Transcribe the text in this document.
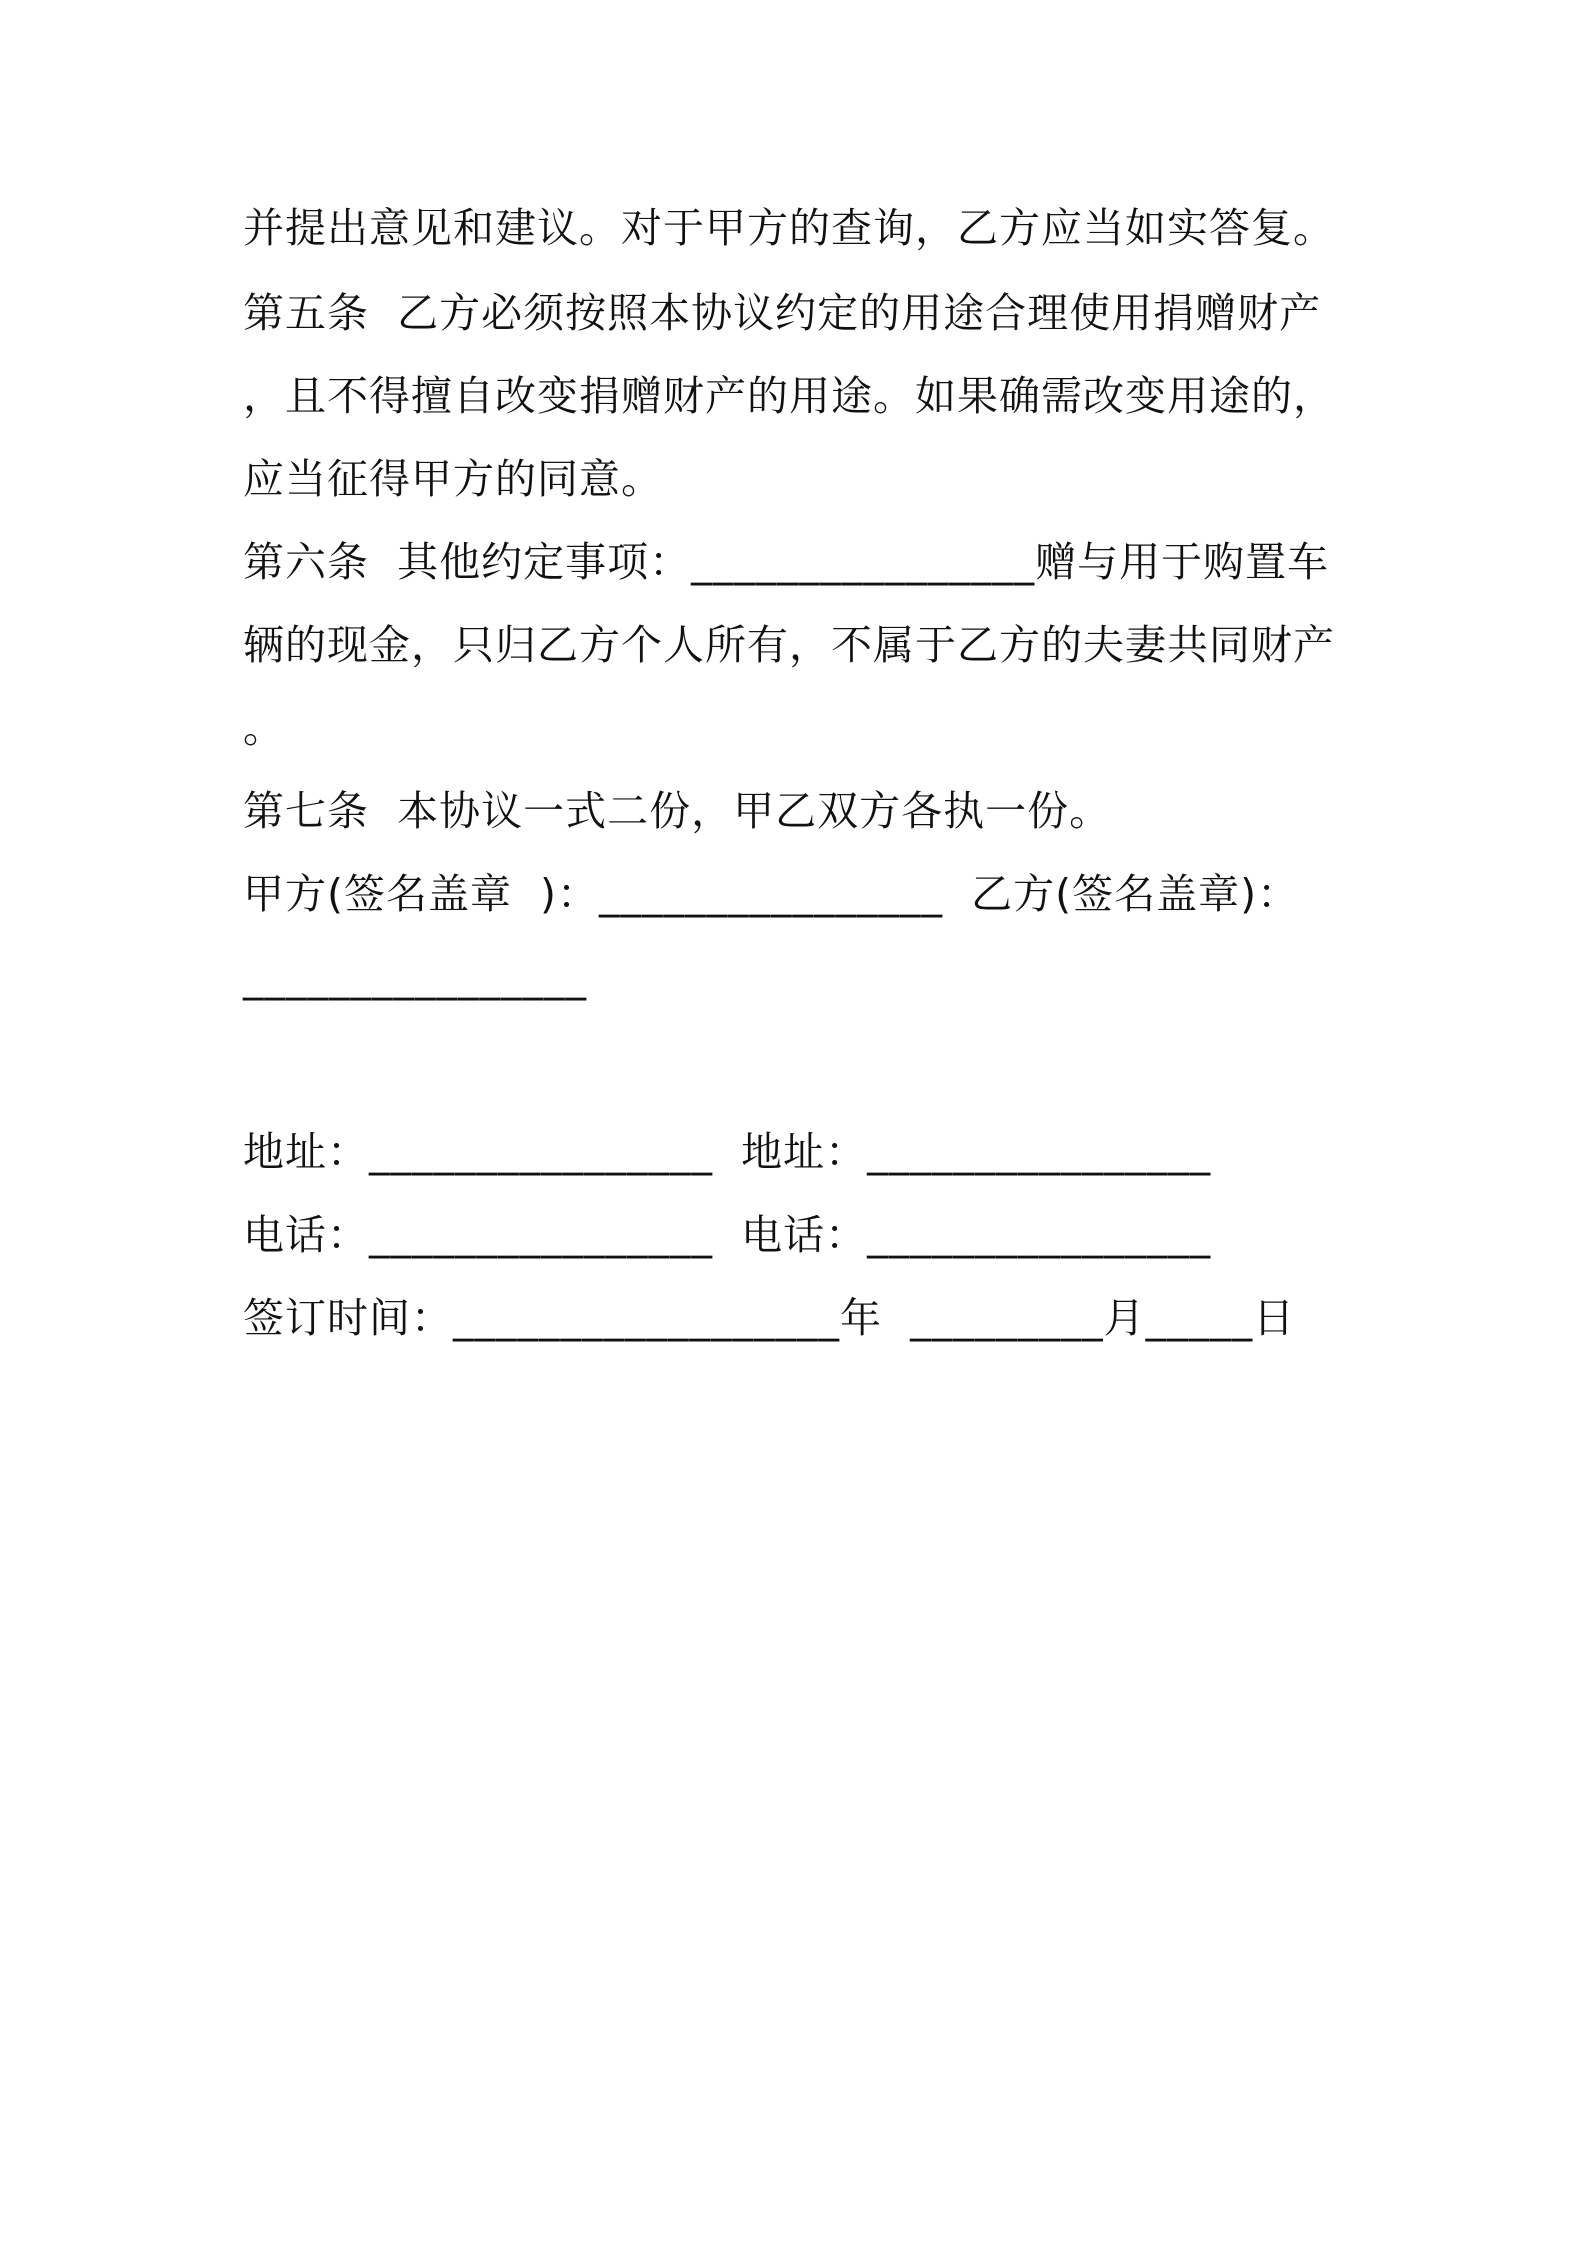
并提出意见和建议。对于甲方的查询，乙方应当如实答复。
第五条  乙方必须按照本协议约定的用途合理使用捐赠财产
，且不得擅自改变捐赠财产的用途。如果确需改变用途的，
应当征得甲方的同意。
第六条  其他约定事项：________________赠与用于购置车
辆的现金，只归乙方个人所有，不属于乙方的夫妻共同财产
。
第七条  本协议一式二份，甲乙双方各执一份。
甲方(签名盖章  )：________________  乙方(签名盖章)：
________________
地址：________________  地址：________________
电话：________________  电话：________________
签订时间：__________________年  _________月_____日
